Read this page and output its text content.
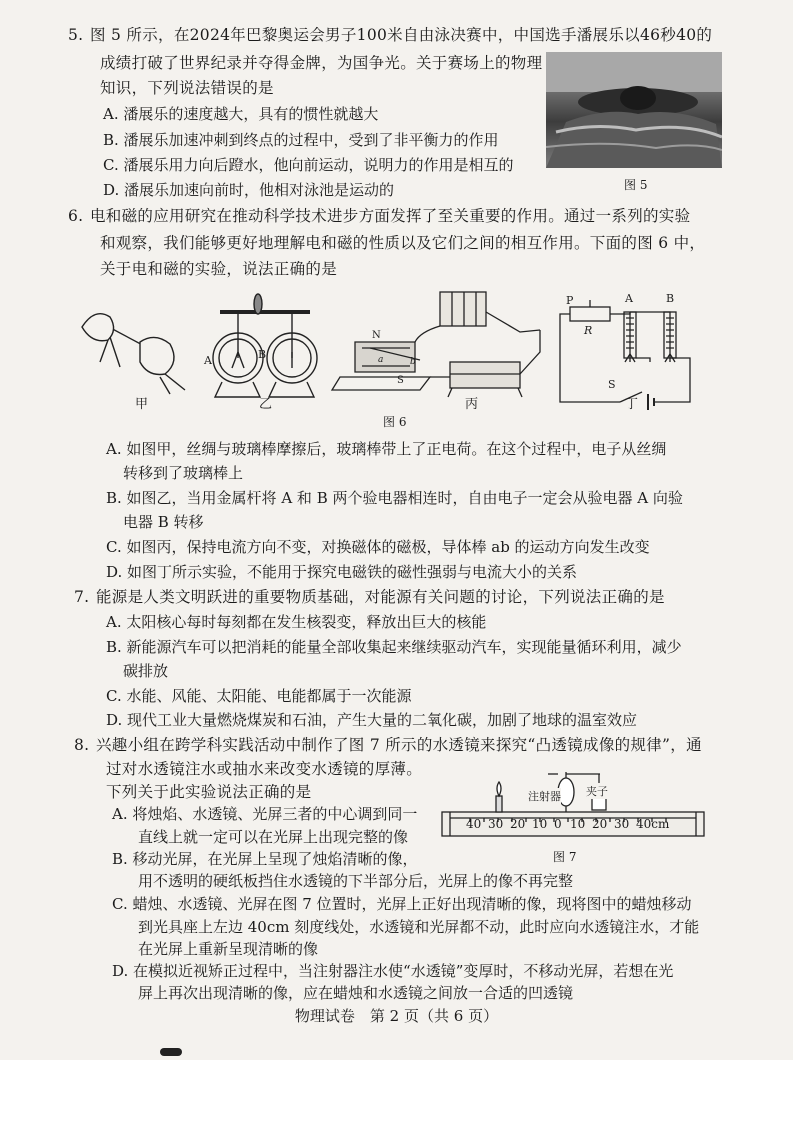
5. 图 5 所示，在2024年巴黎奥运会男子100米自由泳决赛中，中国选手潘展乐以46秒40的
成绩打破了世界纪录并夺得金牌，为国争光。关于赛场上的物理
知识，下列说法错误的是
A. 潘展乐的速度越大，具有的惯性就越大
B. 潘展乐加速冲刺到终点的过程中，受到了非平衡力的作用
C. 潘展乐用力向后蹬水，他向前运动，说明力的作用是相互的
D. 潘展乐加速向前时，他相对泳池是运动的	图 5
6. 电和磁的应用研究在推动科学技术进步方面发挥了至关重要的作用。通过一系列的实验
和观察，我们能够更好地理解电和磁的性质以及它们之间的相互作用。下面的图 6 中，
关于电和磁的实验，说法正确的是
A	B
N
S
a	b
P
R
A	B
S
甲	乙	丙	丁
图 6
A. 如图甲，丝绸与玻璃棒摩擦后，玻璃棒带上了正电荷。在这个过程中，电子从丝绸
转移到了玻璃棒上
B. 如图乙，当用金属杆将 A 和 B 两个验电器相连时，自由电子一定会从验电器 A 向验
电器 B 转移
C. 如图丙，保持电流方向不变，对换磁体的磁极，导体棒 ab 的运动方向发生改变
D. 如图丁所示实验，不能用于探究电磁铁的磁性强弱与电流大小的关系
7. 能源是人类文明跃进的重要物质基础，对能源有关问题的讨论，下列说法正确的是
A. 太阳核心每时每刻都在发生核裂变，释放出巨大的核能
B. 新能源汽车可以把消耗的能量全部收集起来继续驱动汽车，实现能量循环利用，减少
碳排放
C. 水能、风能、太阳能、电能都属于一次能源
D. 现代工业大量燃烧煤炭和石油，产生大量的二氧化碳，加剧了地球的温室效应
8. 兴趣小组在跨学科实践活动中制作了图 7 所示的水透镜来探究“凸透镜成像的规律”，通
过对水透镜注水或抽水来改变水透镜的厚薄。
下列关于此实验说法正确的是	注射器 夹子
40 30 20 10 0 10 20 30 40cm
图 7
A. 将烛焰、水透镜、光屏三者的中心调到同一
直线上就一定可以在光屏上出现完整的像
B. 移动光屏，在光屏上呈现了烛焰清晰的像，
用不透明的硬纸板挡住水透镜的下半部分后，光屏上的像不再完整
C. 蜡烛、水透镜、光屏在图 7 位置时，光屏上正好出现清晰的像，现将图中的蜡烛移动
到光具座上左边 40cm 刻度线处，水透镜和光屏都不动，此时应向水透镜注水，才能
在光屏上重新呈现清晰的像
D. 在模拟近视矫正过程中，当注射器注水使“水透镜”变厚时，不移动光屏，若想在光
屏上再次出现清晰的像，应在蜡烛和水透镜之间放一合适的凹透镜
物理试卷　第 2 页（共 6 页）
